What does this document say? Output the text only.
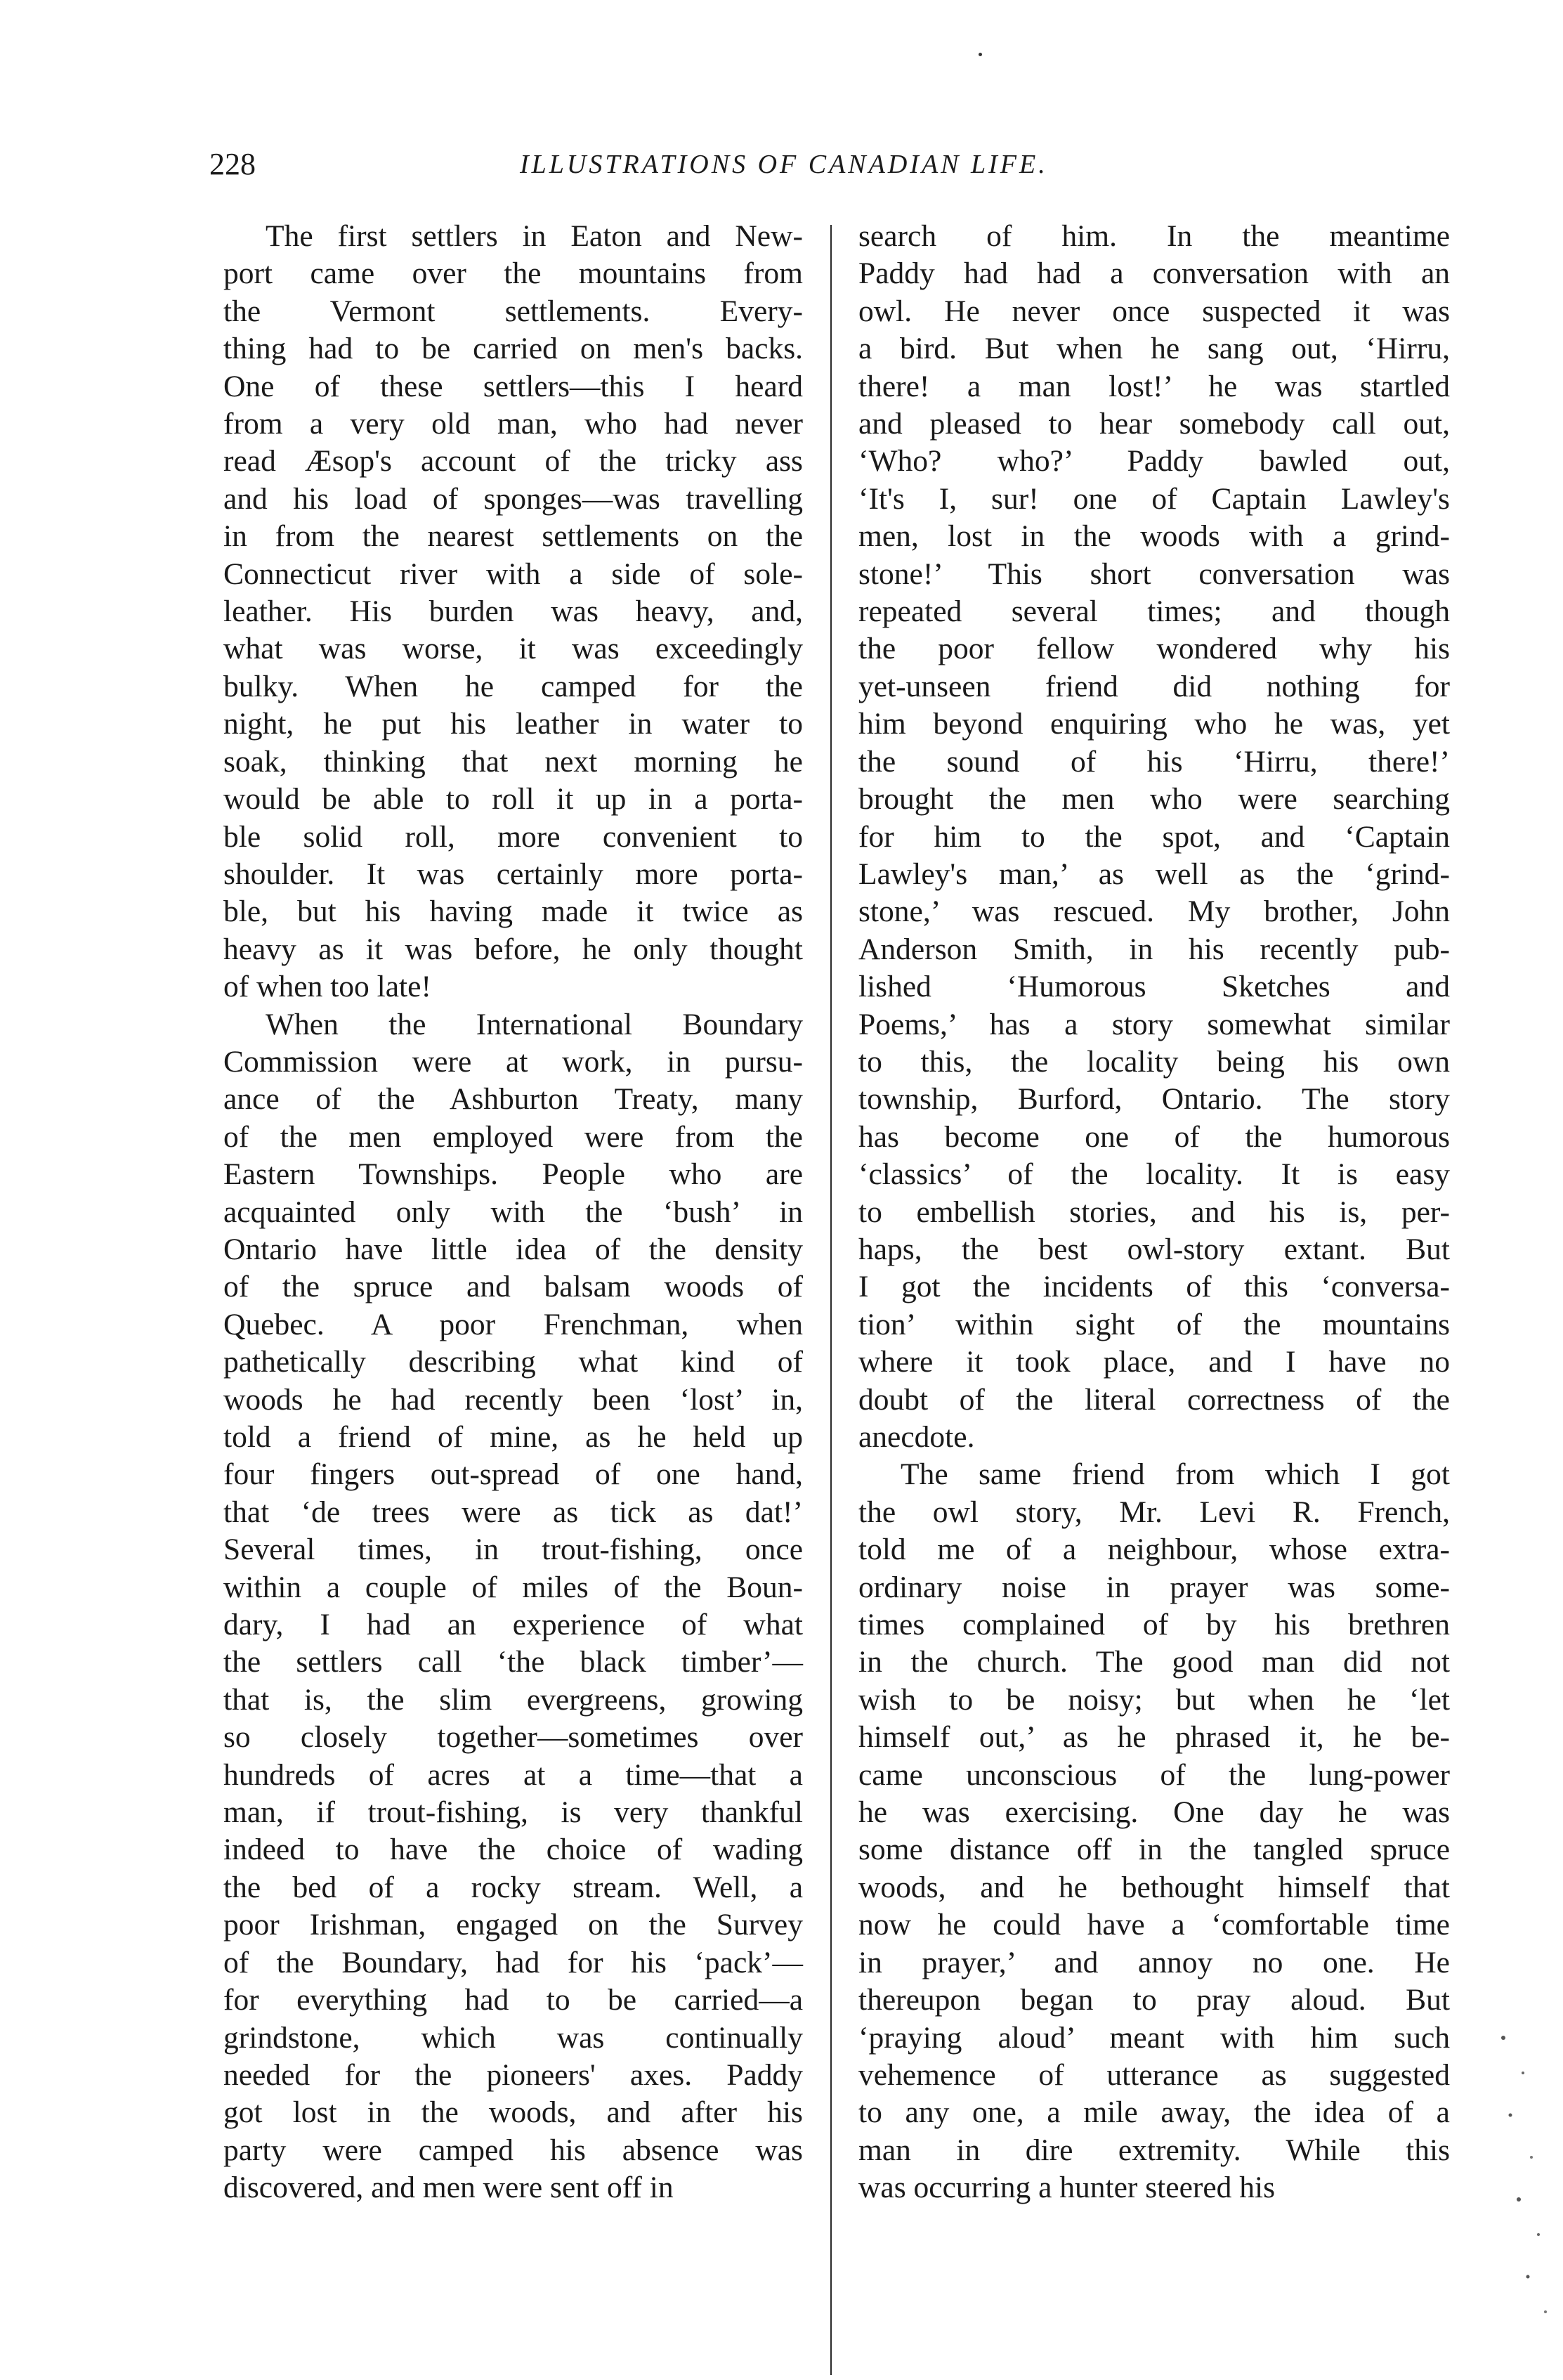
228	ILLUSTRATIONS OF CANADIAN LIFE.
The first settlers in Eaton and New-
port came over the mountains from
the Vermont settlements. Every-
thing had to be carried on men's backs.
One of these settlers—this I heard
from a very old man, who had never
read Æsop's account of the tricky ass
and his load of sponges—was travelling
in from the nearest settlements on the
Connecticut river with a side of sole-
leather. His burden was heavy, and,
what was worse, it was exceedingly
bulky. When he camped for the
night, he put his leather in water to
soak, thinking that next morning he
would be able to roll it up in a porta-
ble solid roll, more convenient to
shoulder. It was certainly more porta-
ble, but his having made it twice as
heavy as it was before, he only thought
of when too late!
When the International Boundary
Commission were at work, in pursu-
ance of the Ashburton Treaty, many
of the men employed were from the
Eastern Townships. People who are
acquainted only with the ‘bush’ in
Ontario have little idea of the density
of the spruce and balsam woods of
Quebec. A poor Frenchman, when
pathetically describing what kind of
woods he had recently been ‘lost’ in,
told a friend of mine, as he held up
four fingers out-spread of one hand,
that ‘de trees were as tick as dat!’
Several times, in trout-fishing, once
within a couple of miles of the Boun-
dary, I had an experience of what
the settlers call ‘the black timber’—
that is, the slim evergreens, growing
so closely together—sometimes over
hundreds of acres at a time—that a
man, if trout-fishing, is very thankful
indeed to have the choice of wading
the bed of a rocky stream. Well, a
poor Irishman, engaged on the Survey
of the Boundary, had for his ‘pack’—
for everything had to be carried—a
grindstone, which was continually
needed for the pioneers' axes. Paddy
got lost in the woods, and after his
party were camped his absence was
discovered, and men were sent off in
search of him. In the meantime
Paddy had had a conversation with an
owl. He never once suspected it was
a bird. But when he sang out, ‘Hirru,
there! a man lost!’ he was startled
and pleased to hear somebody call out,
‘Who? who?’ Paddy bawled out,
‘It's I, sur! one of Captain Lawley's
men, lost in the woods with a grind-
stone!’ This short conversation was
repeated several times; and though
the poor fellow wondered why his
yet-unseen friend did nothing for
him beyond enquiring who he was, yet
the sound of his ‘Hirru, there!’
brought the men who were searching
for him to the spot, and ‘Captain
Lawley's man,’ as well as the ‘grind-
stone,’ was rescued. My brother, John
Anderson Smith, in his recently pub-
lished ‘Humorous Sketches and
Poems,’ has a story somewhat similar
to this, the locality being his own
township, Burford, Ontario. The story
has become one of the humorous
‘classics’ of the locality. It is easy
to embellish stories, and his is, per-
haps, the best owl-story extant. But
I got the incidents of this ‘conversa-
tion’ within sight of the mountains
where it took place, and I have no
doubt of the literal correctness of the
anecdote.
The same friend from which I got
the owl story, Mr. Levi R. French,
told me of a neighbour, whose extra-
ordinary noise in prayer was some-
times complained of by his brethren
in the church. The good man did not
wish to be noisy; but when he ‘let
himself out,’ as he phrased it, he be-
came unconscious of the lung-power
he was exercising. One day he was
some distance off in the tangled spruce
woods, and he bethought himself that
now he could have a ‘comfortable time
in prayer,’ and annoy no one. He
thereupon began to pray aloud. But
‘praying aloud’ meant with him such
vehemence of utterance as suggested
to any one, a mile away, the idea of a
man in dire extremity. While this
was occurring a hunter steered his
